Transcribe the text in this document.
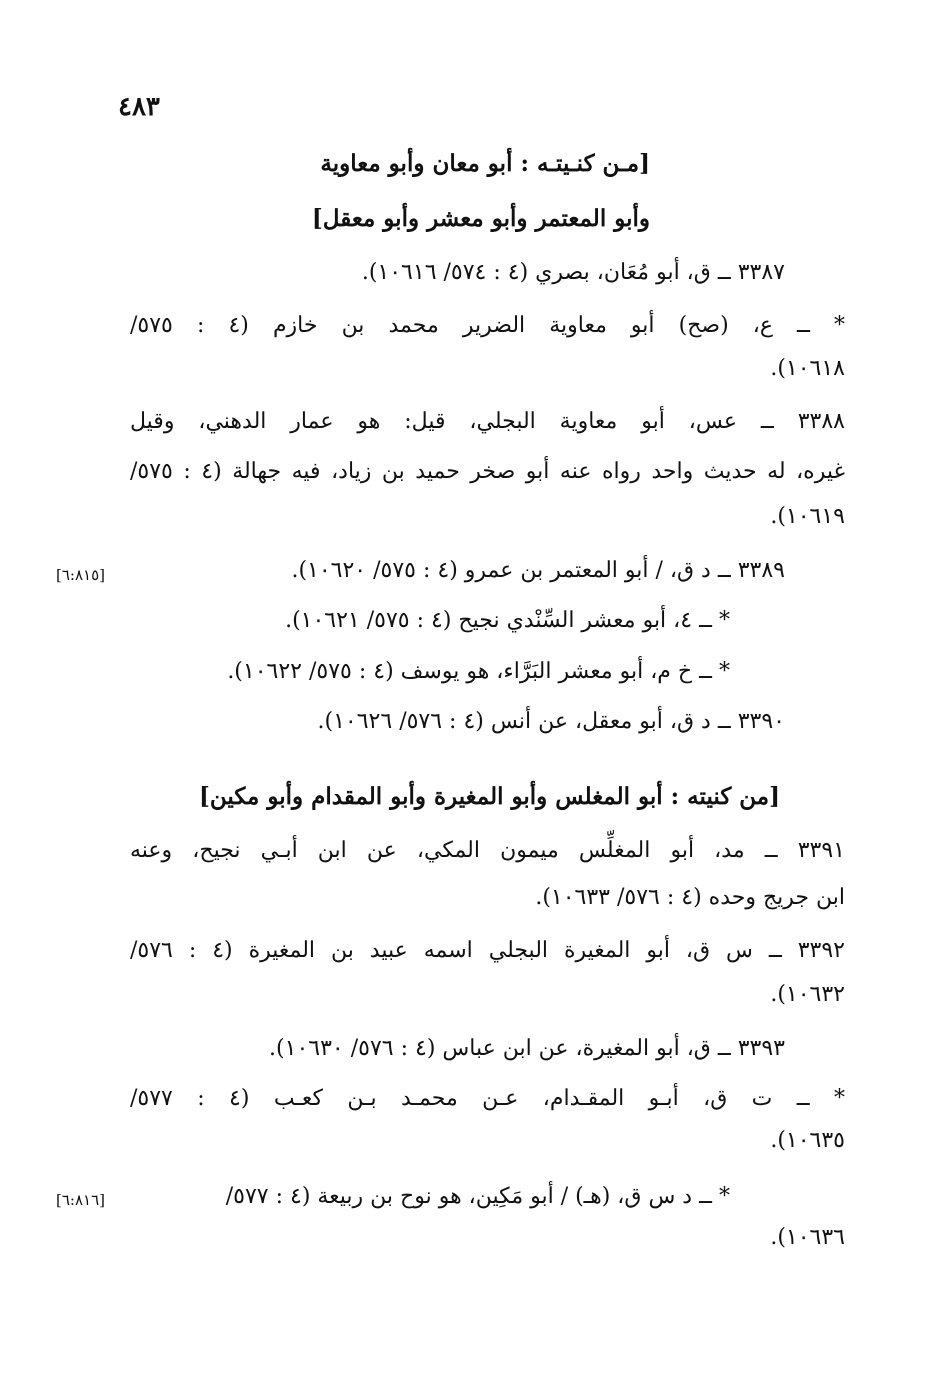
٤٨٣
[مـن كنـيتـه : أبو معان وأبو معاوية
وأبو المعتمر وأبو معشر وأبو معقل]
٣٣٨٧ ــ ق، أبو مُعَان، بصري (٤ : ٥٧٤/ ١٠٦١٦).
* ــ ع، (صح) أبو معاوية الضرير محمد بن خازم (٤ : ٥٧٥/
١٠٦١٨).
٣٣٨٨ ــ عس، أبو معاوية البجلي، قيل: هو عمار الدهني، وقيل
غيره، له حديث واحد رواه عنه أبو صخر حميد بن زياد، فيه جهالة (٤ : ٥٧٥/
١٠٦١٩).
٣٣٨٩ ــ د ق، / أبو المعتمر بن عمرو (٤ : ٥٧٥/ ١٠٦٢٠).
[٦:٨١٥]
* ــ ٤، أبو معشر السِّنْدي نجيح (٤ : ٥٧٥/ ١٠٦٢١).
* ــ خ م، أبو معشر البَرَّاء، هو يوسف (٤ : ٥٧٥/ ١٠٦٢٢).
٣٣٩٠ ــ د ق، أبو معقل، عن أنس (٤ : ٥٧٦/ ١٠٦٢٦).
[من كنيته : أبو المغلس وأبو المغيرة وأبو المقدام وأبو مكين]
٣٣٩١ ــ مد، أبو المغلِّس ميمون المكي، عن ابن أبـي نجيح، وعنه
ابن جريج وحده (٤ : ٥٧٦/ ١٠٦٣٣).
٣٣٩٢ ــ س ق، أبو المغيرة البجلي اسمه عبيد بن المغيرة (٤ : ٥٧٦/
١٠٦٣٢).
٣٣٩٣ ــ ق، أبو المغيرة، عن ابن عباس (٤ : ٥٧٦/ ١٠٦٣٠).
* ــ ت ق، أبـو المقـدام، عـن محمـد بـن كعـب (٤ : ٥٧٧/
١٠٦٣٥).
* ــ د س ق، (هـ) / أبو مَكِين، هو نوح بن ربيعة (٤ : ٥٧٧/
[٦:٨١٦]
١٠٦٣٦).
